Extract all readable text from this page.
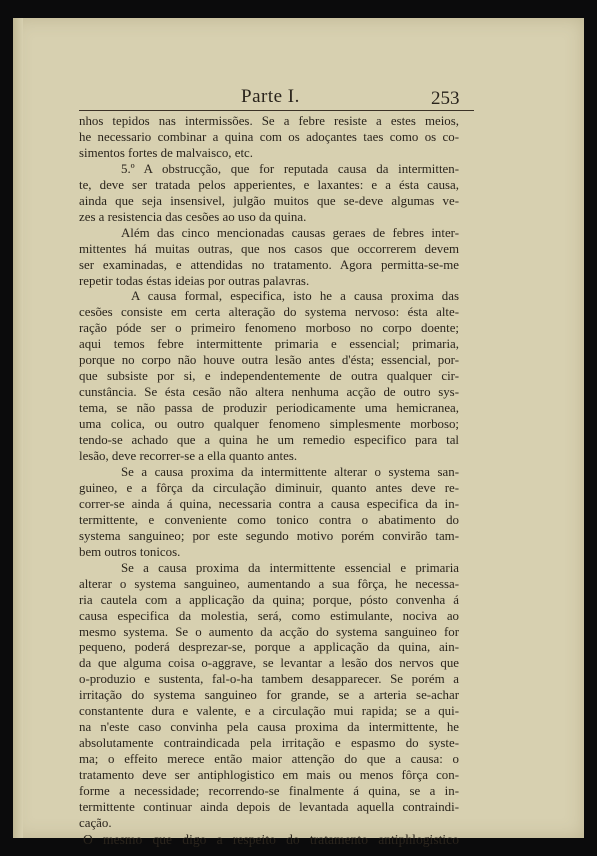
Parte I.	253
nhos tepidos nas intermissões. Se a febre resiste a estes meios,
he necessario combinar a quina com os adoçantes taes como os co-
simentos fortes de malvaisco, etc.
5.º A obstrucção, que for reputada causa da intermitten-
te, deve ser tratada pelos apperientes, e laxantes: e a ésta causa,
ainda que seja insensivel, julgão muitos que se-deve algumas ve-
zes a resistencia das cesões ao uso da quina.
Além das cinco mencionadas causas geraes de febres inter-
mittentes há muitas outras, que nos casos que occorrerem devem
ser examinadas, e attendidas no tratamento. Agora permitta-se-me
repetir todas éstas ideias por outras palavras.
A causa formal, especifica, isto he a causa proxima das
cesões consiste em certa alteração do systema nervoso: ésta alte-
ração póde ser o primeiro fenomeno morboso no corpo doente;
aqui temos febre intermittente primaria e essencial; primaria,
porque no corpo não houve outra lesão antes d'ésta; essencial, por-
que subsiste por si, e independentemente de outra qualquer cir-
cunstância. Se ésta cesão não altera nenhuma acção de outro sys-
tema, se não passa de produzir periodicamente uma hemicranea,
uma colica, ou outro qualquer fenomeno simplesmente morboso;
tendo-se achado que a quina he um remedio especifico para tal
lesão, deve recorrer-se a ella quanto antes.
Se a causa proxima da intermittente alterar o systema san-
guineo, e a fôrça da circulação diminuir, quanto antes deve re-
correr-se ainda á quina, necessaria contra a causa especifica da in-
termittente, e conveniente como tonico contra o abatimento do
systema sanguineo; por este segundo motivo porém convirão tam-
bem outros tonicos.
Se a causa proxima da intermittente essencial e primaria
alterar o systema sanguineo, aumentando a sua fôrça, he necessa-
ria cautela com a applicação da quina; porque, pósto convenha á
causa especifica da molestia, será, como estimulante, nociva ao
mesmo systema. Se o aumento da acção do systema sanguineo for
pequeno, poderá desprezar-se, porque a applicação da quina, ain-
da que alguma coisa o-aggrave, se levantar a lesão dos nervos que
o-produzio e sustenta, fal-o-ha tambem desapparecer. Se porém a
irritação do systema sanguineo for grande, se a arteria se-achar
constantente dura e valente, e a circulação mui rapida; se a qui-
na n'este caso convinha pela causa proxima da intermittente, he
absolutamente contraindicada pela irritação e espasmo do syste-
ma; o effeito merece então maior attenção do que a causa: o
tratamento deve ser antiphlogistico em mais ou menos fôrça con-
forme a necessidade; recorrendo-se finalmente á quina, se a in-
termittente continuar ainda depois de levantada aquella contraindi-
cação.
O mesmo que digo a respeito do tratamento antiphlogistico
